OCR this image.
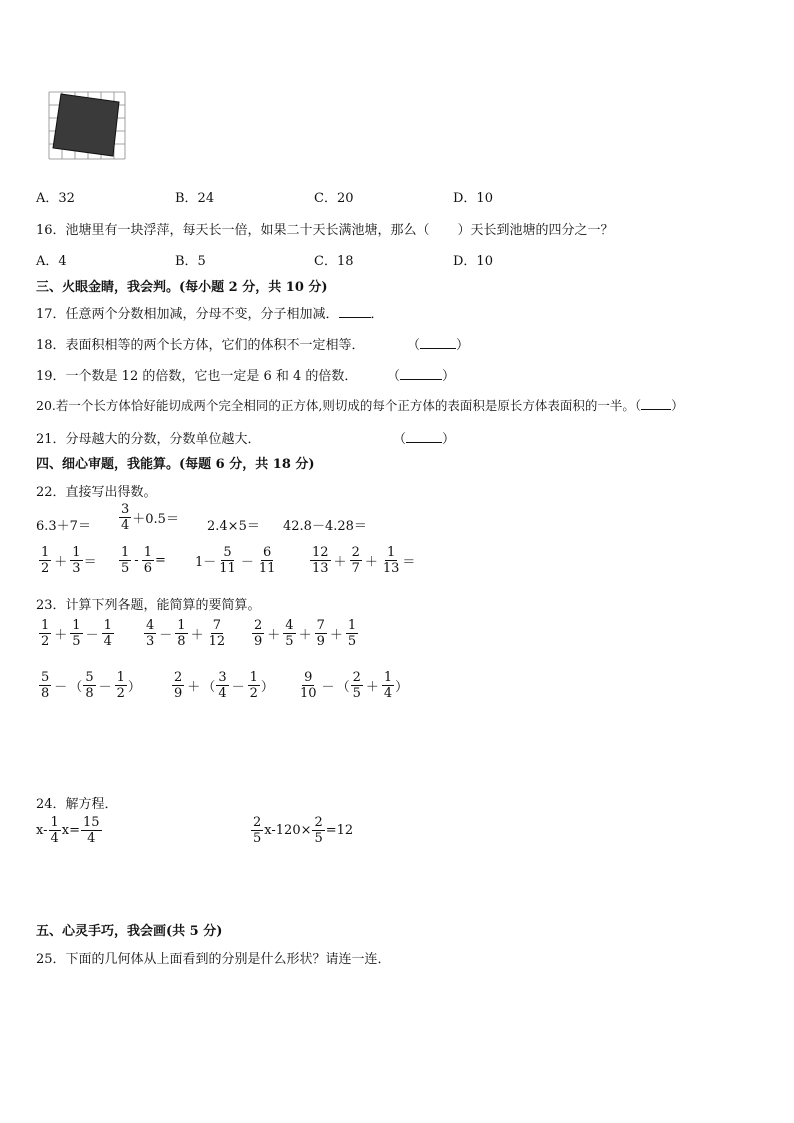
A．32	B．24	C．20	D．10
16．池塘里有一块浮萍，每天长一倍，如果二十天长满池塘，那么（ ）天长到池塘的四分之一？
A．4	B．5	C．18	D．10
三、火眼金睛，我会判。(每小题 2 分，共 10 分)
17．任意两个分数相加减，分母不变，分子相加减． ．
18．表面积相等的两个长方体，它们的体积不一定相等．	（	）
19．一个数是 12 的倍数，它也一定是 6 和 4 的倍数． （	）
20.若一个长方体恰好能切成两个完全相同的正方体,则切成的每个正方体的表面积是原长方体表面积的一半。（ ）
21．分母越大的分数，分数单位越大．	（	）
四、细心审题，我能算。(每题 6 分，共 18 分)
22．直接写出得数。
$6.3+7= \frac{3}{4} +0.5= 2.4\times 5= 42.8-4.28=$
$\frac{1}{2} + \frac{1}{3} = \frac{1}{5} - \frac{1}{6} = 1- \frac{5}{11} - \frac{6}{11}$	$\frac{12}{13} + \frac{2}{7} + \frac{1}{13}$ ＝
23．计算下列各题，能简算的要简算。
$\frac{1}{2} + \frac{1}{5} - \frac{1}{4} \frac{4}{3} - \frac{1}{8} + \frac{7}{12} \frac{2}{9} + \frac{4}{5} + \frac{7}{9} + \frac{1}{5}$
$\frac{5}{8}$ － （ $\frac{5}{8} - \frac{1}{2}$ ） $\frac{2}{9}$ ＋ （ $\frac{3}{4} - \frac{1}{2}$ ） $\frac{9}{10}$ － （ $\frac{2}{5} + \frac{1}{4}$ ）
24．解方程．
$x- \frac{1}{4} x= \frac{15}{4}$	$\frac{2}{5} x-120\times \frac{2}{5} =12$
五、心灵手巧，我会画(共 5 分)
25．下面的几何体从上面看到的分别是什么形状？请连一连．
